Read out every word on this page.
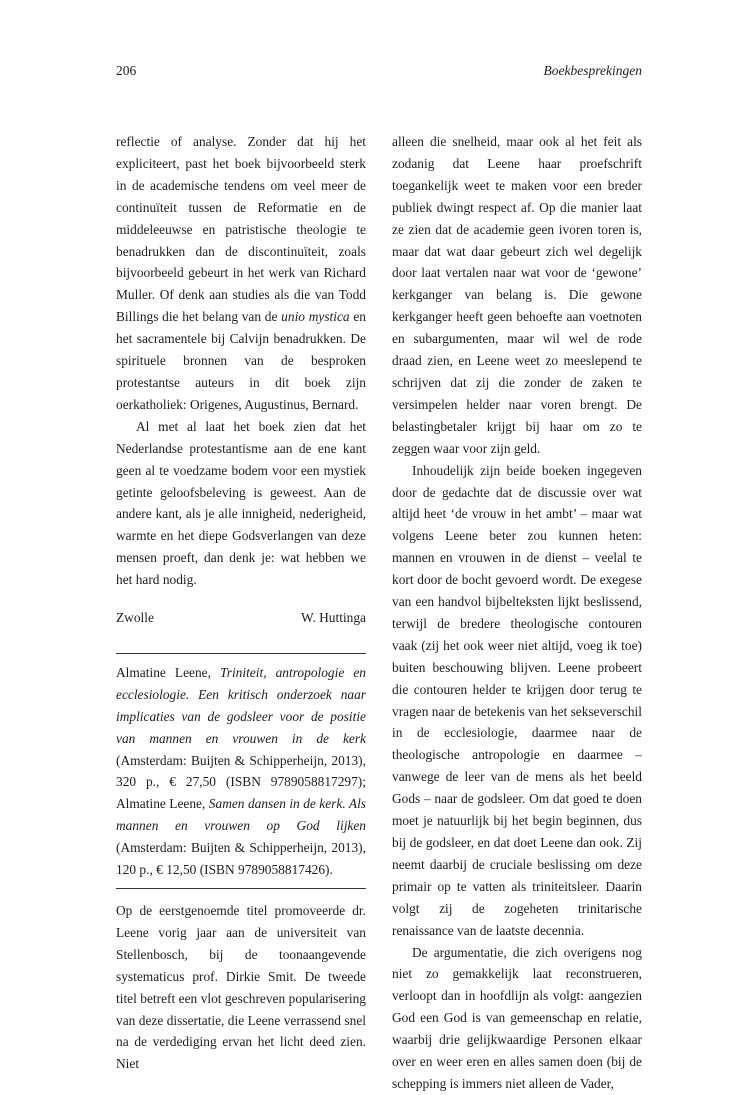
206	Boekbesprekingen

reflectie of analyse. Zonder dat hij het expliciteert, past het boek bijvoorbeeld sterk in de academische tendens om veel meer de continuïteit tussen de Reformatie en de middeleeuwse en patristische theologie te benadrukken dan de discontinuïteit, zoals bijvoorbeeld gebeurt in het werk van Richard Muller. Of denk aan studies als die van Todd Billings die het belang van de unio mystica en het sacramentele bij Calvijn benadrukken. De spirituele bronnen van de besproken protestantse auteurs in dit boek zijn oerkatholiek: Origenes, Augustinus, Bernard.

Al met al laat het boek zien dat het Nederlandse protestantisme aan de ene kant geen al te voedzame bodem voor een mystiek getinte geloofsbeleving is geweest. Aan de andere kant, als je alle innigheid, nederigheid, warmte en het diepe Godsverlangen van deze mensen proeft, dan denk je: wat hebben we het hard nodig.

Zwolle	W. Huttinga

Almatine Leene, Triniteit, antropologie en ecclesiologie. Een kritisch onderzoek naar implicaties van de godsleer voor de positie van mannen en vrouwen in de kerk (Amsterdam: Buijten & Schipperheijn, 2013), 320 p., € 27,50 (ISBN 9789058817297); Almatine Leene, Samen dansen in de kerk. Als mannen en vrouwen op God lijken (Amsterdam: Buijten & Schipperheijn, 2013), 120 p., € 12,50 (ISBN 9789058817426).

Op de eerstgenoemde titel promoveerde dr. Leene vorig jaar aan de universiteit van Stellenbosch, bij de toonaangevende systematicus prof. Dirkie Smit. De tweede titel betreft een vlot geschreven popularisering van deze dissertatie, die Leene verrassend snel na de verdediging ervan het licht deed zien. Niet

alleen die snelheid, maar ook al het feit als zodanig dat Leene haar proefschrift toegankelijk weet te maken voor een breder publiek dwingt respect af. Op die manier laat ze zien dat de academie geen ivoren toren is, maar dat wat daar gebeurt zich wel degelijk door laat vertalen naar wat voor de ‘gewone’ kerkganger van belang is. Die gewone kerkganger heeft geen behoefte aan voetnoten en subargumenten, maar wil wel de rode draad zien, en Leene weet zo meeslepend te schrijven dat zij die zonder de zaken te versimpelen helder naar voren brengt. De belastingbetaler krijgt bij haar om zo te zeggen waar voor zijn geld.

Inhoudelijk zijn beide boeken ingegeven door de gedachte dat de discussie over wat altijd heet ‘de vrouw in het ambt’ – maar wat volgens Leene beter zou kunnen heten: mannen en vrouwen in de dienst – veelal te kort door de bocht gevoerd wordt. De exegese van een handvol bijbelteksten lijkt beslissend, terwijl de bredere theologische contouren vaak (zij het ook weer niet altijd, voeg ik toe) buiten beschouwing blijven. Leene probeert die contouren helder te krijgen door terug te vragen naar de betekenis van het sekseverschil in de ecclesiologie, daarmee naar de theologische antropologie en daarmee – vanwege de leer van de mens als het beeld Gods – naar de godsleer. Om dat goed te doen moet je natuurlijk bij het begin beginnen, dus bij de godsleer, en dat doet Leene dan ook. Zij neemt daarbij de cruciale beslissing om deze primair op te vatten als triniteitsleer. Daarin volgt zij de zogeheten trinitarische renaissance van de laatste decennia.

De argumentatie, die zich overigens nog niet zo gemakkelijk laat reconstrueren, verloopt dan in hoofdlijn als volgt: aangezien God een God is van gemeenschap en relatie, waarbij drie gelijkwaardige Personen elkaar over en weer eren en alles samen doen (bij de schepping is immers niet alleen de Vader,
